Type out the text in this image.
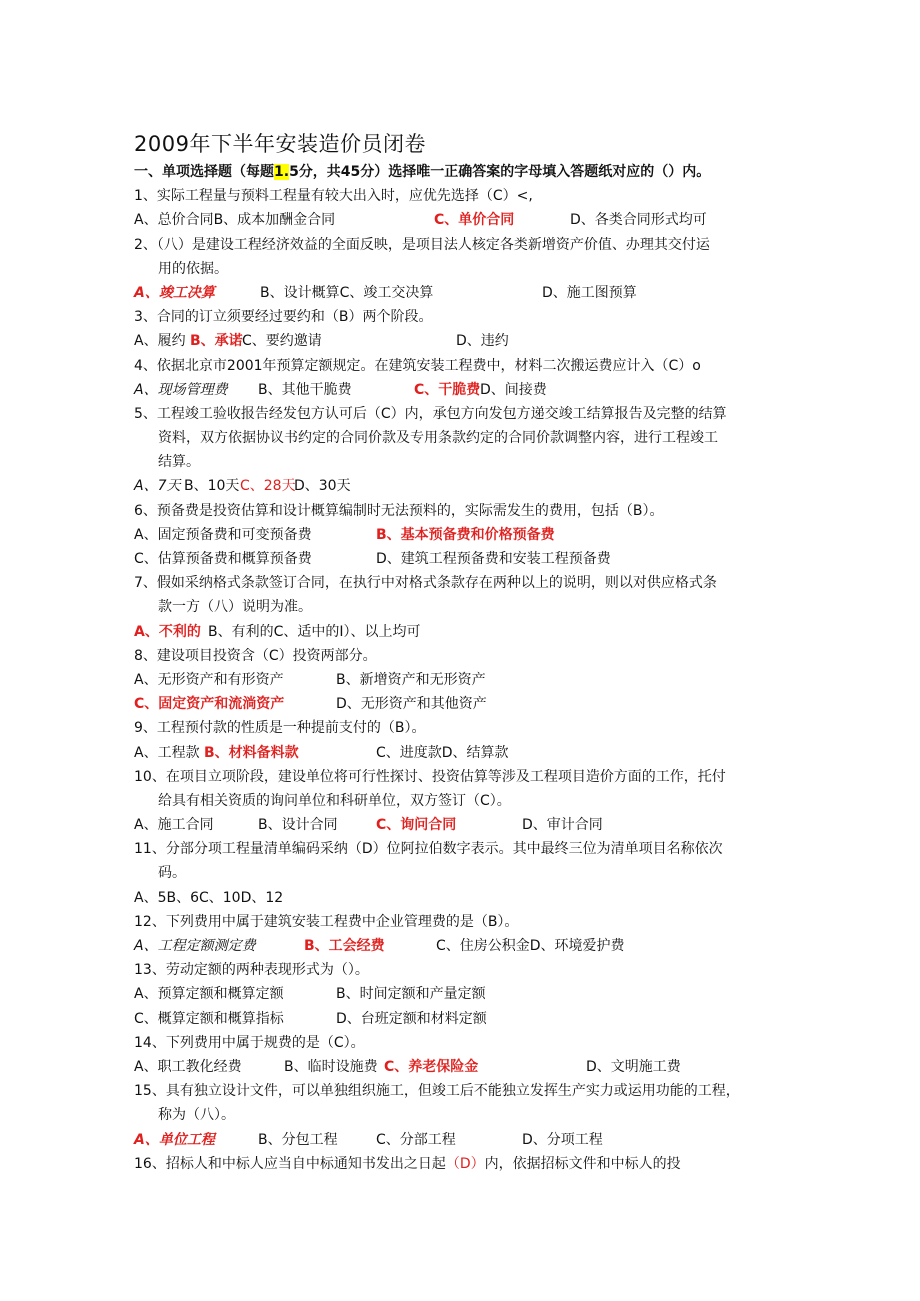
2009年下半年安装造价员闭卷
一、单项选择题（每题1.5分，共45分）选择唯一正确答案的字母填入答题纸对应的（）内。
1、实际工程量与预料工程量有较大出入时，应优先选择（C）<,
A、总价合同B、成本加酬金合同	C、单价合同	D、各类合同形式均可
2、（八）是建设工程经济效益的全面反映，是项目法人核定各类新增资产价值、办理其交付运
用的依据。
A、竣工决算	B、设计概算C、竣工交决算	D、施工图预算
3、合同的订立须要经过要约和（B）两个阶段。
A、履约 B、承诺 C、要约邀请	D、违约
4、依据北京市2001年预算定额规定。在建筑安装工程费中，材料二次搬运费应计入（C）o
A、现场管理费 B、其他干脆费	C、干脆费 D、间接费
5、工程竣工验收报告经发包方认可后（C）内，承包方向发包方递交竣工结算报告及完整的结算
资料，双方依据协议书约定的合同价款及专用条款约定的合同价款调整内容，进行工程竣工
结算。
A、7天 B、10天 C、28天
D、30天
6、预备费是投资估算和设计概算编制时无法预料的，实际需发生的费用，包括（B）。
A、固定预备费和可变预备费	B、基本预备费和价格预备费
C、估算预备费和概算预备费	D、建筑工程预备费和安装工程预备费
7、假如采纳格式条款签订合同，在执行中对格式条款存在两种以上的说明，则以对供应格式条
款一方（八）说明为准。
A、不利的 B、有利的C、适中的I）、以上均可
8、建设项目投资含（C）投资两部分。
A、无形资产和有形资产	B、新增资产和无形资产
C、固定资产和流淌资产	D、无形资产和其他资产
9、工程预付款的性质是一种提前支付的（B）。
A、工程款 B、材料备料款	C、进度款D、结算款
10、在项目立项阶段，建设单位将可行性探讨、投资估算等涉及工程项目造价方面的工作，托付
给具有相关资质的询问单位和科研单位，双方签订（C）。
A、施工合同	B、设计合同	C、询问合同	D、审计合同
11、分部分项工程量清单编码采纳（D）位阿拉伯数字表示。其中最终三位为清单项目名称依次
码。
A、5B、6C、10D、12
12、下列费用中属于建筑安装工程费中企业管理费的是（B）。
A、工程定额测定费	B、工会经费	C、住房公积金D、环境爱护费
13、劳动定额的两种表现形式为（）。
A、预算定额和概算定额	B、时间定额和产量定额
C、概算定额和概算指标	D、台班定额和材料定额
14、下列费用中属于规费的是（C）。
A、职工教化经费	B、临时设施费 C、养老保险金	D、文明施工费
15、具有独立设计文件，可以单独组织施工，但竣工后不能独立发挥生产实力或运用功能的工程，
称为（八）。
A、单位工程	B、分包工程	C、分部工程	D、分项工程
16、招标人和中标人应当自中标通知书发出之日起（D）内，依据招标文件和中标人的投
